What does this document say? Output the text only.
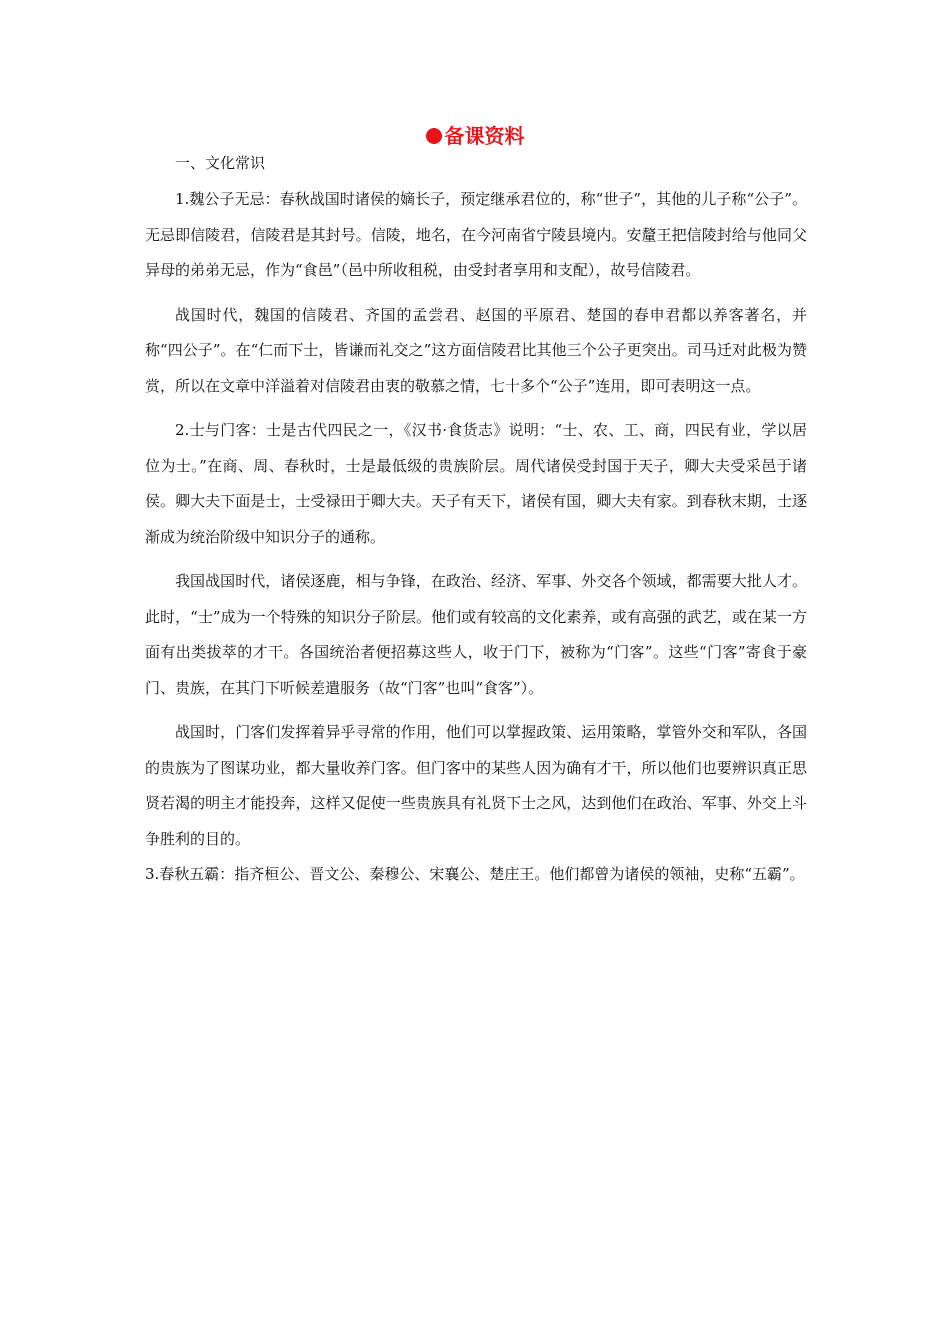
备课资料

一、文化常识

1.魏公子无忌：春秋战国时诸侯的嫡长子，预定继承君位的，称“世子”，其他的儿子称“公子”。无忌即信陵君，信陵君是其封号。信陵，地名，在今河南省宁陵县境内。安釐王把信陵封给与他同父异母的弟弟无忌，作为“食邑”（邑中所收租税，由受封者享用和支配），故号信陵君。

战国时代，魏国的信陵君、齐国的孟尝君、赵国的平原君、楚国的春申君都以养客著名，并称“四公子”。在“仁而下士，皆谦而礼交之”这方面信陵君比其他三个公子更突出。司马迁对此极为赞赏，所以在文章中洋溢着对信陵君由衷的敬慕之情，七十多个“公子”连用，即可表明这一点。

2.士与门客：士是古代四民之一，《汉书·食货志》说明：“士、农、工、商，四民有业，学以居位为士。”在商、周、春秋时，士是最低级的贵族阶层。周代诸侯受封国于天子，卿大夫受采邑于诸侯。卿大夫下面是士，士受禄田于卿大夫。天子有天下，诸侯有国，卿大夫有家。到春秋末期，士逐渐成为统治阶级中知识分子的通称。

我国战国时代，诸侯逐鹿，相与争锋，在政治、经济、军事、外交各个领域，都需要大批人才。此时，“士”成为一个特殊的知识分子阶层。他们或有较高的文化素养，或有高强的武艺，或在某一方面有出类拔萃的才干。各国统治者便招募这些人，收于门下，被称为“门客”。这些“门客”寄食于豪门、贵族，在其门下听候差遣服务（故“门客”也叫“食客”）。

战国时，门客们发挥着异乎寻常的作用，他们可以掌握政策、运用策略，掌管外交和军队，各国的贵族为了图谋功业，都大量收养门客。但门客中的某些人因为确有才干，所以他们也要辨识真正思贤若渴的明主才能投奔，这样又促使一些贵族具有礼贤下士之风，达到他们在政治、军事、外交上斗争胜利的目的。

3.春秋五霸：指齐桓公、晋文公、秦穆公、宋襄公、楚庄王。他们都曾为诸侯的领袖，史称“五霸”。
